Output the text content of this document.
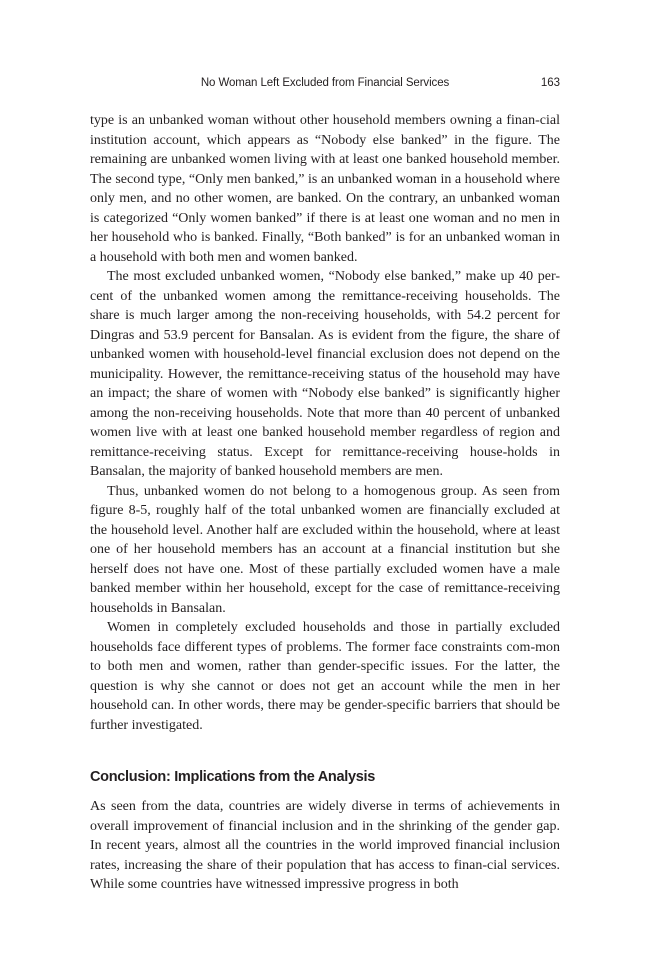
No Woman Left Excluded from Financial Services	163

type is an unbanked woman without other household members owning a finan-cial institution account, which appears as “Nobody else banked” in the figure. The remaining are unbanked women living with at least one banked household member. The second type, “Only men banked,” is an unbanked woman in a household where only men, and no other women, are banked. On the contrary, an unbanked woman is categorized “Only women banked” if there is at least one woman and no men in her household who is banked. Finally, “Both banked” is for an unbanked woman in a household with both men and women banked.

The most excluded unbanked women, “Nobody else banked,” make up 40 per-cent of the unbanked women among the remittance-receiving households. The share is much larger among the non-receiving households, with 54.2 percent for Dingras and 53.9 percent for Bansalan. As is evident from the figure, the share of unbanked women with household-level financial exclusion does not depend on the municipality. However, the remittance-receiving status of the household may have an impact; the share of women with “Nobody else banked” is significantly higher among the non-receiving households. Note that more than 40 percent of unbanked women live with at least one banked household member regardless of region and remittance-receiving status. Except for remittance-receiving house-holds in Bansalan, the majority of banked household members are men.

Thus, unbanked women do not belong to a homogenous group. As seen from figure 8-5, roughly half of the total unbanked women are financially excluded at the household level. Another half are excluded within the household, where at least one of her household members has an account at a financial institution but she herself does not have one. Most of these partially excluded women have a male banked member within her household, except for the case of remittance-receiving households in Bansalan.

Women in completely excluded households and those in partially excluded households face different types of problems. The former face constraints com-mon to both men and women, rather than gender-specific issues. For the latter, the question is why she cannot or does not get an account while the men in her household can. In other words, there may be gender-specific barriers that should be further investigated.

Conclusion: Implications from the Analysis

As seen from the data, countries are widely diverse in terms of achievements in overall improvement of financial inclusion and in the shrinking of the gender gap. In recent years, almost all the countries in the world improved financial inclusion rates, increasing the share of their population that has access to finan-cial services. While some countries have witnessed impressive progress in both
